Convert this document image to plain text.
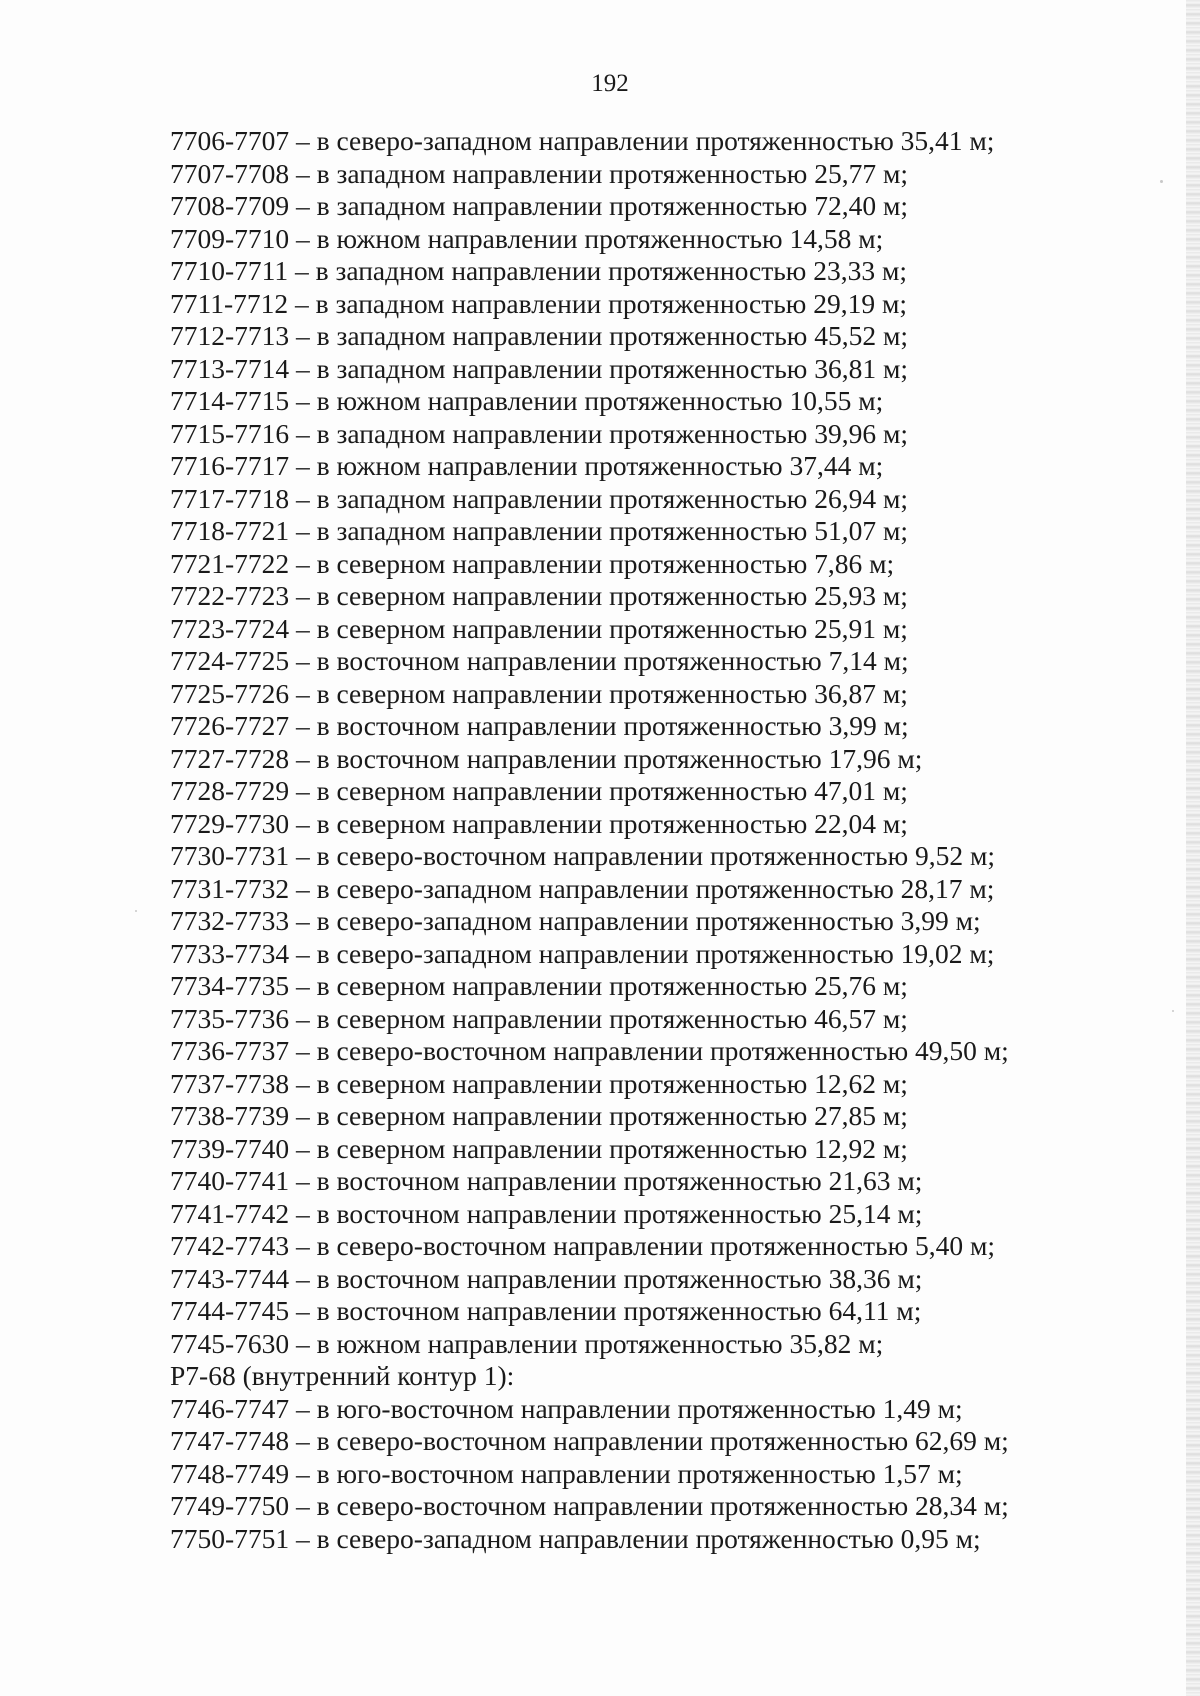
192
7706-7707 – в северо-западном направлении протяженностью 35,41 м;
7707-7708 – в западном направлении протяженностью 25,77 м;
7708-7709 – в западном направлении протяженностью 72,40 м;
7709-7710 – в южном направлении протяженностью 14,58 м;
7710-7711 – в западном направлении протяженностью 23,33 м;
7711-7712 – в западном направлении протяженностью 29,19 м;
7712-7713 – в западном направлении протяженностью 45,52 м;
7713-7714 – в западном направлении протяженностью 36,81 м;
7714-7715 – в южном направлении протяженностью 10,55 м;
7715-7716 – в западном направлении протяженностью 39,96 м;
7716-7717 – в южном направлении протяженностью 37,44 м;
7717-7718 – в западном направлении протяженностью 26,94 м;
7718-7721 – в западном направлении протяженностью 51,07 м;
7721-7722 – в северном направлении протяженностью 7,86 м;
7722-7723 – в северном направлении протяженностью 25,93 м;
7723-7724 – в северном направлении протяженностью 25,91 м;
7724-7725 – в восточном направлении протяженностью 7,14 м;
7725-7726 – в северном направлении протяженностью 36,87 м;
7726-7727 – в восточном направлении протяженностью 3,99 м;
7727-7728 – в восточном направлении протяженностью 17,96 м;
7728-7729 – в северном направлении протяженностью 47,01 м;
7729-7730 – в северном направлении протяженностью 22,04 м;
7730-7731 – в северо-восточном направлении протяженностью 9,52 м;
7731-7732 – в северо-западном направлении протяженностью 28,17 м;
7732-7733 – в северо-западном направлении протяженностью 3,99 м;
7733-7734 – в северо-западном направлении протяженностью 19,02 м;
7734-7735 – в северном направлении протяженностью 25,76 м;
7735-7736 – в северном направлении протяженностью 46,57 м;
7736-7737 – в северо-восточном направлении протяженностью 49,50 м;
7737-7738 – в северном направлении протяженностью 12,62 м;
7738-7739 – в северном направлении протяженностью 27,85 м;
7739-7740 – в северном направлении протяженностью 12,92 м;
7740-7741 – в восточном направлении протяженностью 21,63 м;
7741-7742 – в восточном направлении протяженностью 25,14 м;
7742-7743 – в северо-восточном направлении протяженностью 5,40 м;
7743-7744 – в восточном направлении протяженностью 38,36 м;
7744-7745 – в восточном направлении протяженностью 64,11 м;
7745-7630 – в южном направлении протяженностью 35,82 м;
Р7-68 (внутренний контур 1):
7746-7747 – в юго-восточном направлении протяженностью 1,49 м;
7747-7748 – в северо-восточном направлении протяженностью 62,69 м;
7748-7749 – в юго-восточном направлении протяженностью 1,57 м;
7749-7750 – в северо-восточном направлении протяженностью 28,34 м;
7750-7751 – в северо-западном направлении протяженностью 0,95 м;
